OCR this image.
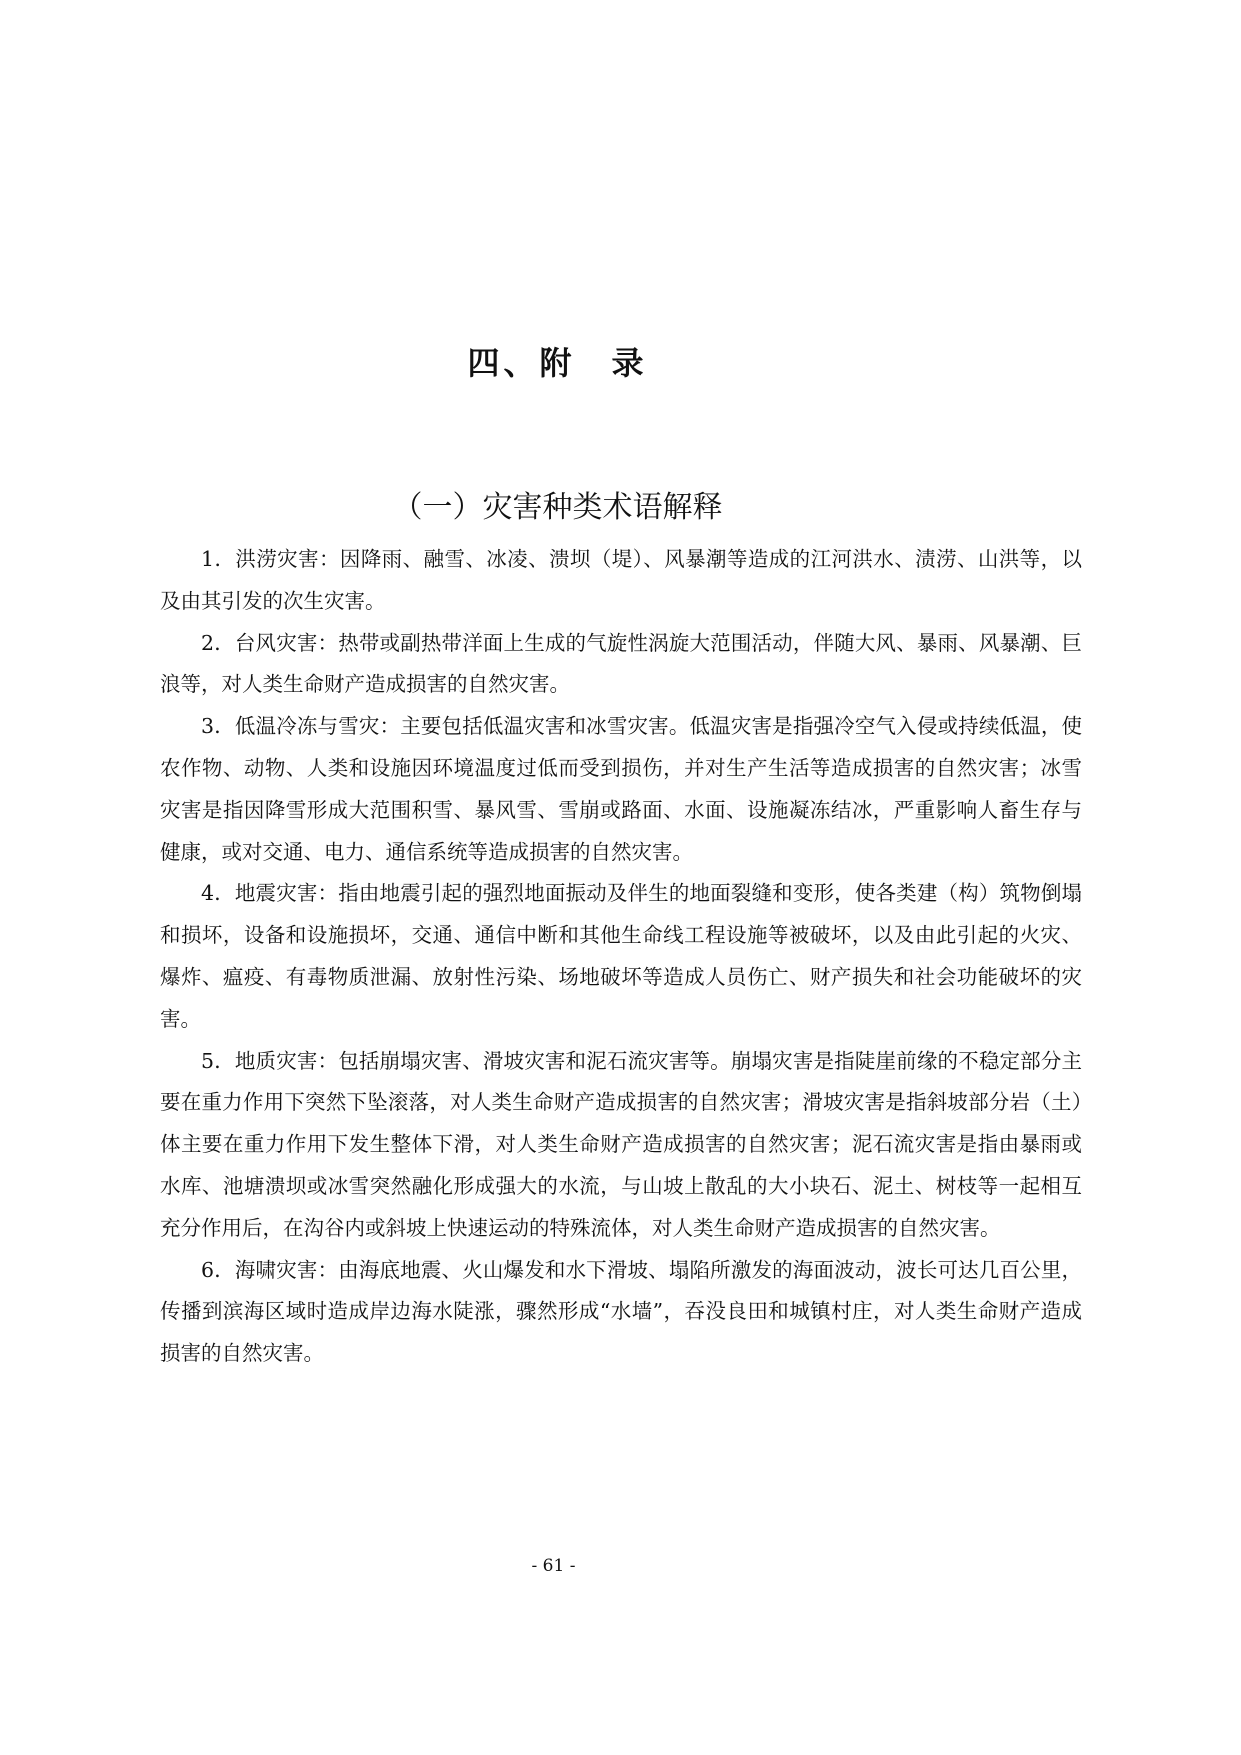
四、附　录
（一）灾害种类术语解释

1．洪涝灾害：因降雨、融雪、冰凌、溃坝（堤）、风暴潮等造成的江河洪水、渍涝、山洪等，以及由其引发的次生灾害。

2．台风灾害：热带或副热带洋面上生成的气旋性涡旋大范围活动，伴随大风、暴雨、风暴潮、巨浪等，对人类生命财产造成损害的自然灾害。

3．低温冷冻与雪灾：主要包括低温灾害和冰雪灾害。低温灾害是指强冷空气入侵或持续低温，使农作物、动物、人类和设施因环境温度过低而受到损伤，并对生产生活等造成损害的自然灾害；冰雪灾害是指因降雪形成大范围积雪、暴风雪、雪崩或路面、水面、设施凝冻结冰，严重影响人畜生存与健康，或对交通、电力、通信系统等造成损害的自然灾害。

4．地震灾害：指由地震引起的强烈地面振动及伴生的地面裂缝和变形，使各类建（构）筑物倒塌和损坏，设备和设施损坏，交通、通信中断和其他生命线工程设施等被破坏，以及由此引起的火灾、爆炸、瘟疫、有毒物质泄漏、放射性污染、场地破坏等造成人员伤亡、财产损失和社会功能破坏的灾害。

5．地质灾害：包括崩塌灾害、滑坡灾害和泥石流灾害等。崩塌灾害是指陡崖前缘的不稳定部分主要在重力作用下突然下坠滚落，对人类生命财产造成损害的自然灾害；滑坡灾害是指斜坡部分岩（土）体主要在重力作用下发生整体下滑，对人类生命财产造成损害的自然灾害；泥石流灾害是指由暴雨或水库、池塘溃坝或冰雪突然融化形成强大的水流，与山坡上散乱的大小块石、泥土、树枝等一起相互充分作用后，在沟谷内或斜坡上快速运动的特殊流体，对人类生命财产造成损害的自然灾害。

6．海啸灾害：由海底地震、火山爆发和水下滑坡、塌陷所激发的海面波动，波长可达几百公里，传播到滨海区域时造成岸边海水陡涨，骤然形成“水墙”，吞没良田和城镇村庄，对人类生命财产造成损害的自然灾害。

- 61 -
